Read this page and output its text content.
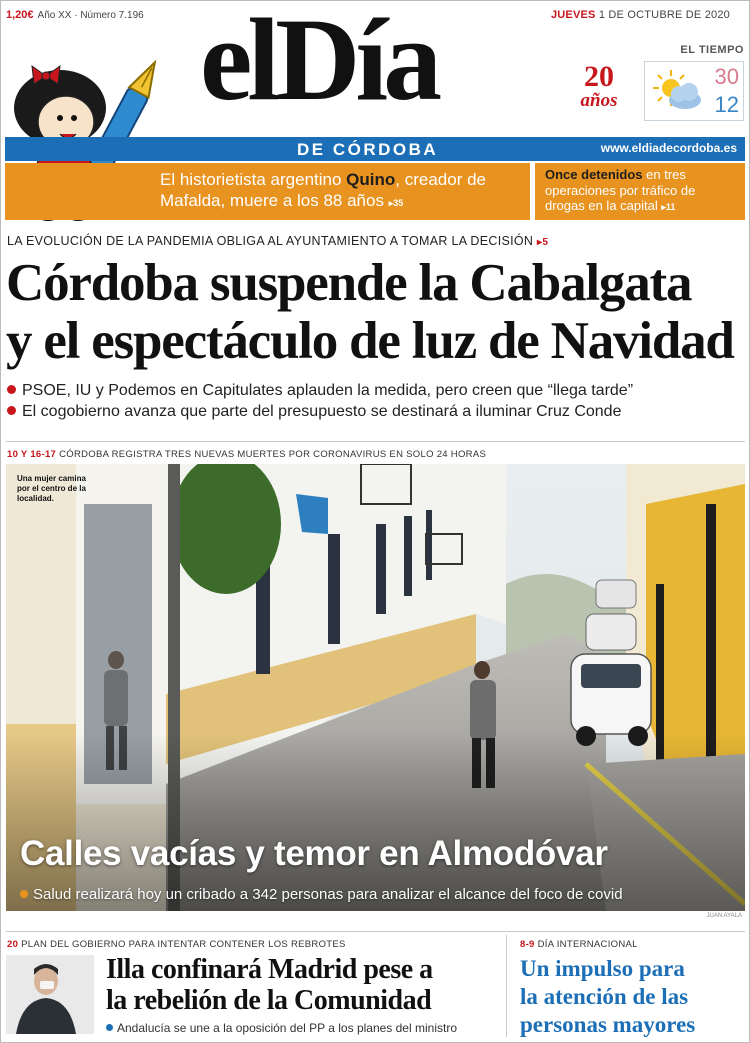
1,20€ Año XX · Número 7.196	JUEVES 1 DE OCTUBRE DE 2020
elDía	20
años
EL TIEMPO
30
12
DE CÓRDOBA	www.eldiadecordoba.es

El historietista argentino Quino, creador de Mafalda, muere a los 88 años ▸35

Once detenidos en tres operaciones por tráfico de drogas en la capital ▸11

LA EVOLUCIÓN DE LA PANDEMIA OBLIGA AL AYUNTAMIENTO A TOMAR LA DECISIÓN ▸5
Córdoba suspende la Cabalgata
y el espectáculo de luz de Navidad
PSOE, IU y Podemos en Capitulates aplauden la medida, pero creen que “llega tarde”
El cogobierno avanza que parte del presupuesto se destinará a iluminar Cruz Conde
10 Y 16-17 CÓRDOBA REGISTRA TRES NUEVAS MUERTES POR CORONAVIRUS EN SOLO 24 HORAS
Una mujer camina por el centro de la localidad.
Calles vacías y temor en Almodóvar
Salud realizará hoy un cribado a 342 personas para analizar el alcance del foco de covid
JUAN AYALA
20 PLAN DEL GOBIERNO PARA INTENTAR CONTENER LOS REBROTES
Illa confinará Madrid pese a
la rebelión de la Comunidad
Andalucía se une a la oposición del PP a los planes del ministro
8-9 DÍA INTERNACIONAL
Un impulso para
la atención de las
personas mayores
